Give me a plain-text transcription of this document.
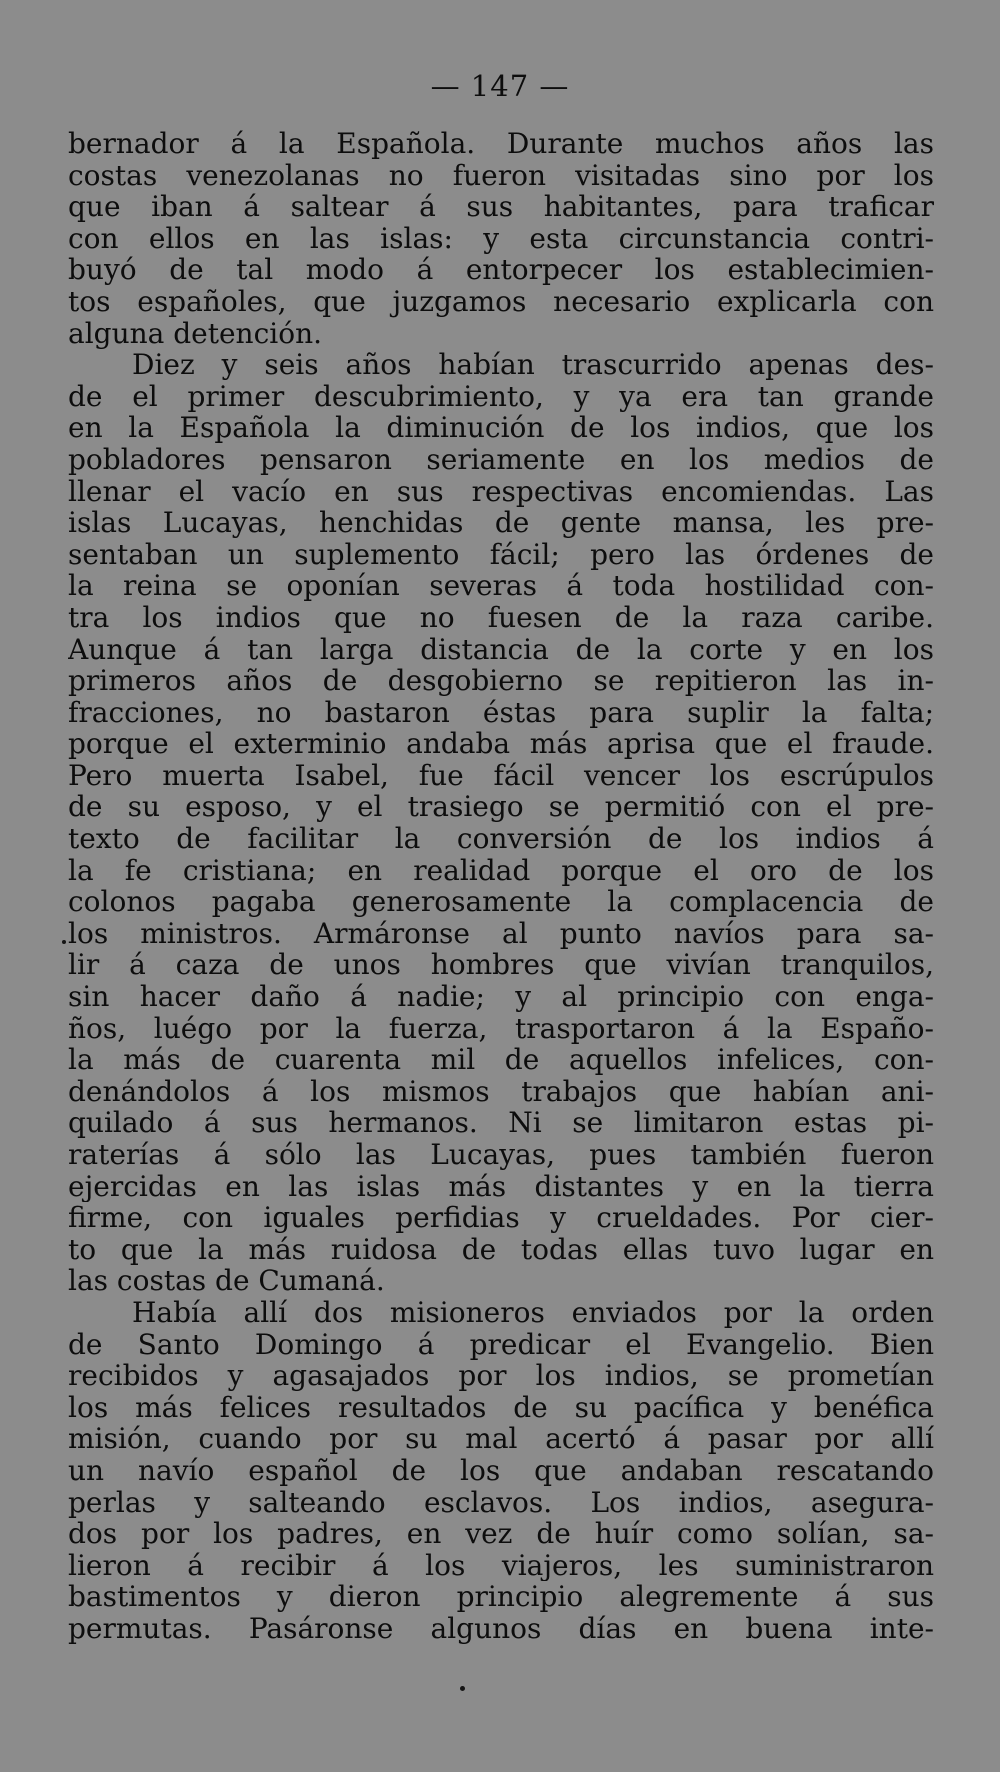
— 147 —
bernador á la Española. Durante muchos años las
costas venezolanas no fueron visitadas sino por los
que iban á saltear á sus habitantes, para traficar
con ellos en las islas: y esta circunstancia contri-
buyó de tal modo á entorpecer los establecimien-
tos españoles, que juzgamos necesario explicarla con
alguna detención.
Diez y seis años habían trascurrido apenas des-
de el primer descubrimiento, y ya era tan grande
en la Española la diminución de los indios, que los
pobladores pensaron seriamente en los medios de
llenar el vacío en sus respectivas encomiendas. Las
islas Lucayas, henchidas de gente mansa, les pre-
sentaban un suplemento fácil; pero las órdenes de
la reina se oponían severas á toda hostilidad con-
tra los indios que no fuesen de la raza caribe.
Aunque á tan larga distancia de la corte y en los
primeros años de desgobierno se repitieron las in-
fracciones, no bastaron éstas para suplir la falta;
porque el exterminio andaba más aprisa que el fraude.
Pero muerta Isabel, fue fácil vencer los escrúpulos
de su esposo, y el trasiego se permitió con el pre-
texto de facilitar la conversión de los indios á
la fe cristiana; en realidad porque el oro de los
colonos pagaba generosamente la complacencia de
los ministros. Armáronse al punto navíos para sa-
lir á caza de unos hombres que vivían tranquilos,
sin hacer daño á nadie; y al principio con enga-
ños, luégo por la fuerza, trasportaron á la Españo-
la más de cuarenta mil de aquellos infelices, con-
denándolos á los mismos trabajos que habían ani-
quilado á sus hermanos. Ni se limitaron estas pi-
raterías á sólo las Lucayas, pues también fueron
ejercidas en las islas más distantes y en la tierra
firme, con iguales perfidias y crueldades. Por cier-
to que la más ruidosa de todas ellas tuvo lugar en
las costas de Cumaná.
Había allí dos misioneros enviados por la orden
de Santo Domingo á predicar el Evangelio. Bien
recibidos y agasajados por los indios, se prometían
los más felices resultados de su pacífica y benéfica
misión, cuando por su mal acertó á pasar por allí
un navío español de los que andaban rescatando
perlas y salteando esclavos. Los indios, asegura-
dos por los padres, en vez de huír como solían, sa-
lieron á recibir á los viajeros, les suministraron
bastimentos y dieron principio alegremente á sus
permutas. Pasáronse algunos días en buena inte-
